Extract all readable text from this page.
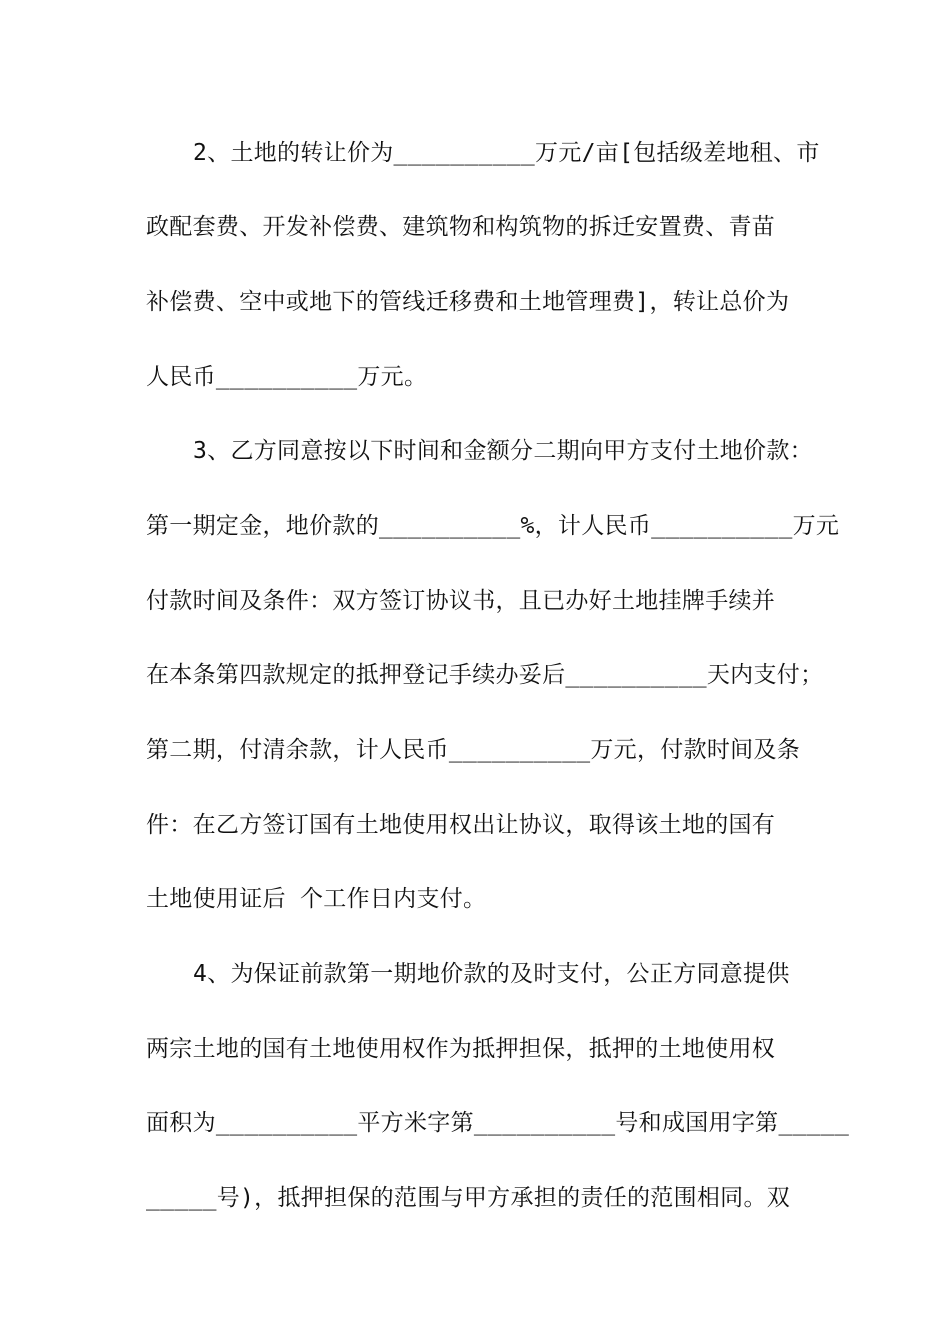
2、土地的转让价为__________万元/亩[包括级差地租、市
政配套费、开发补偿费、建筑物和构筑物的拆迁安置费、青苗
补偿费、空中或地下的管线迁移费和土地管理费]，转让总价为
人民币__________万元。
3、乙方同意按以下时间和金额分二期向甲方支付土地价款：
第一期定金，地价款的__________%，计人民币__________万元
付款时间及条件：双方签订协议书，且已办好土地挂牌手续并
在本条第四款规定的抵押登记手续办妥后__________天内支付；
第二期，付清余款，计人民币__________万元，付款时间及条
件：在乙方签订国有土地使用权出让协议，取得该土地的国有
土地使用证后 个工作日内支付。
4、为保证前款第一期地价款的及时支付，公正方同意提供
两宗土地的国有土地使用权作为抵押担保，抵押的土地使用权
面积为__________平方米字第__________号和成国用字第_____
_____号)，抵押担保的范围与甲方承担的责任的范围相同。双
